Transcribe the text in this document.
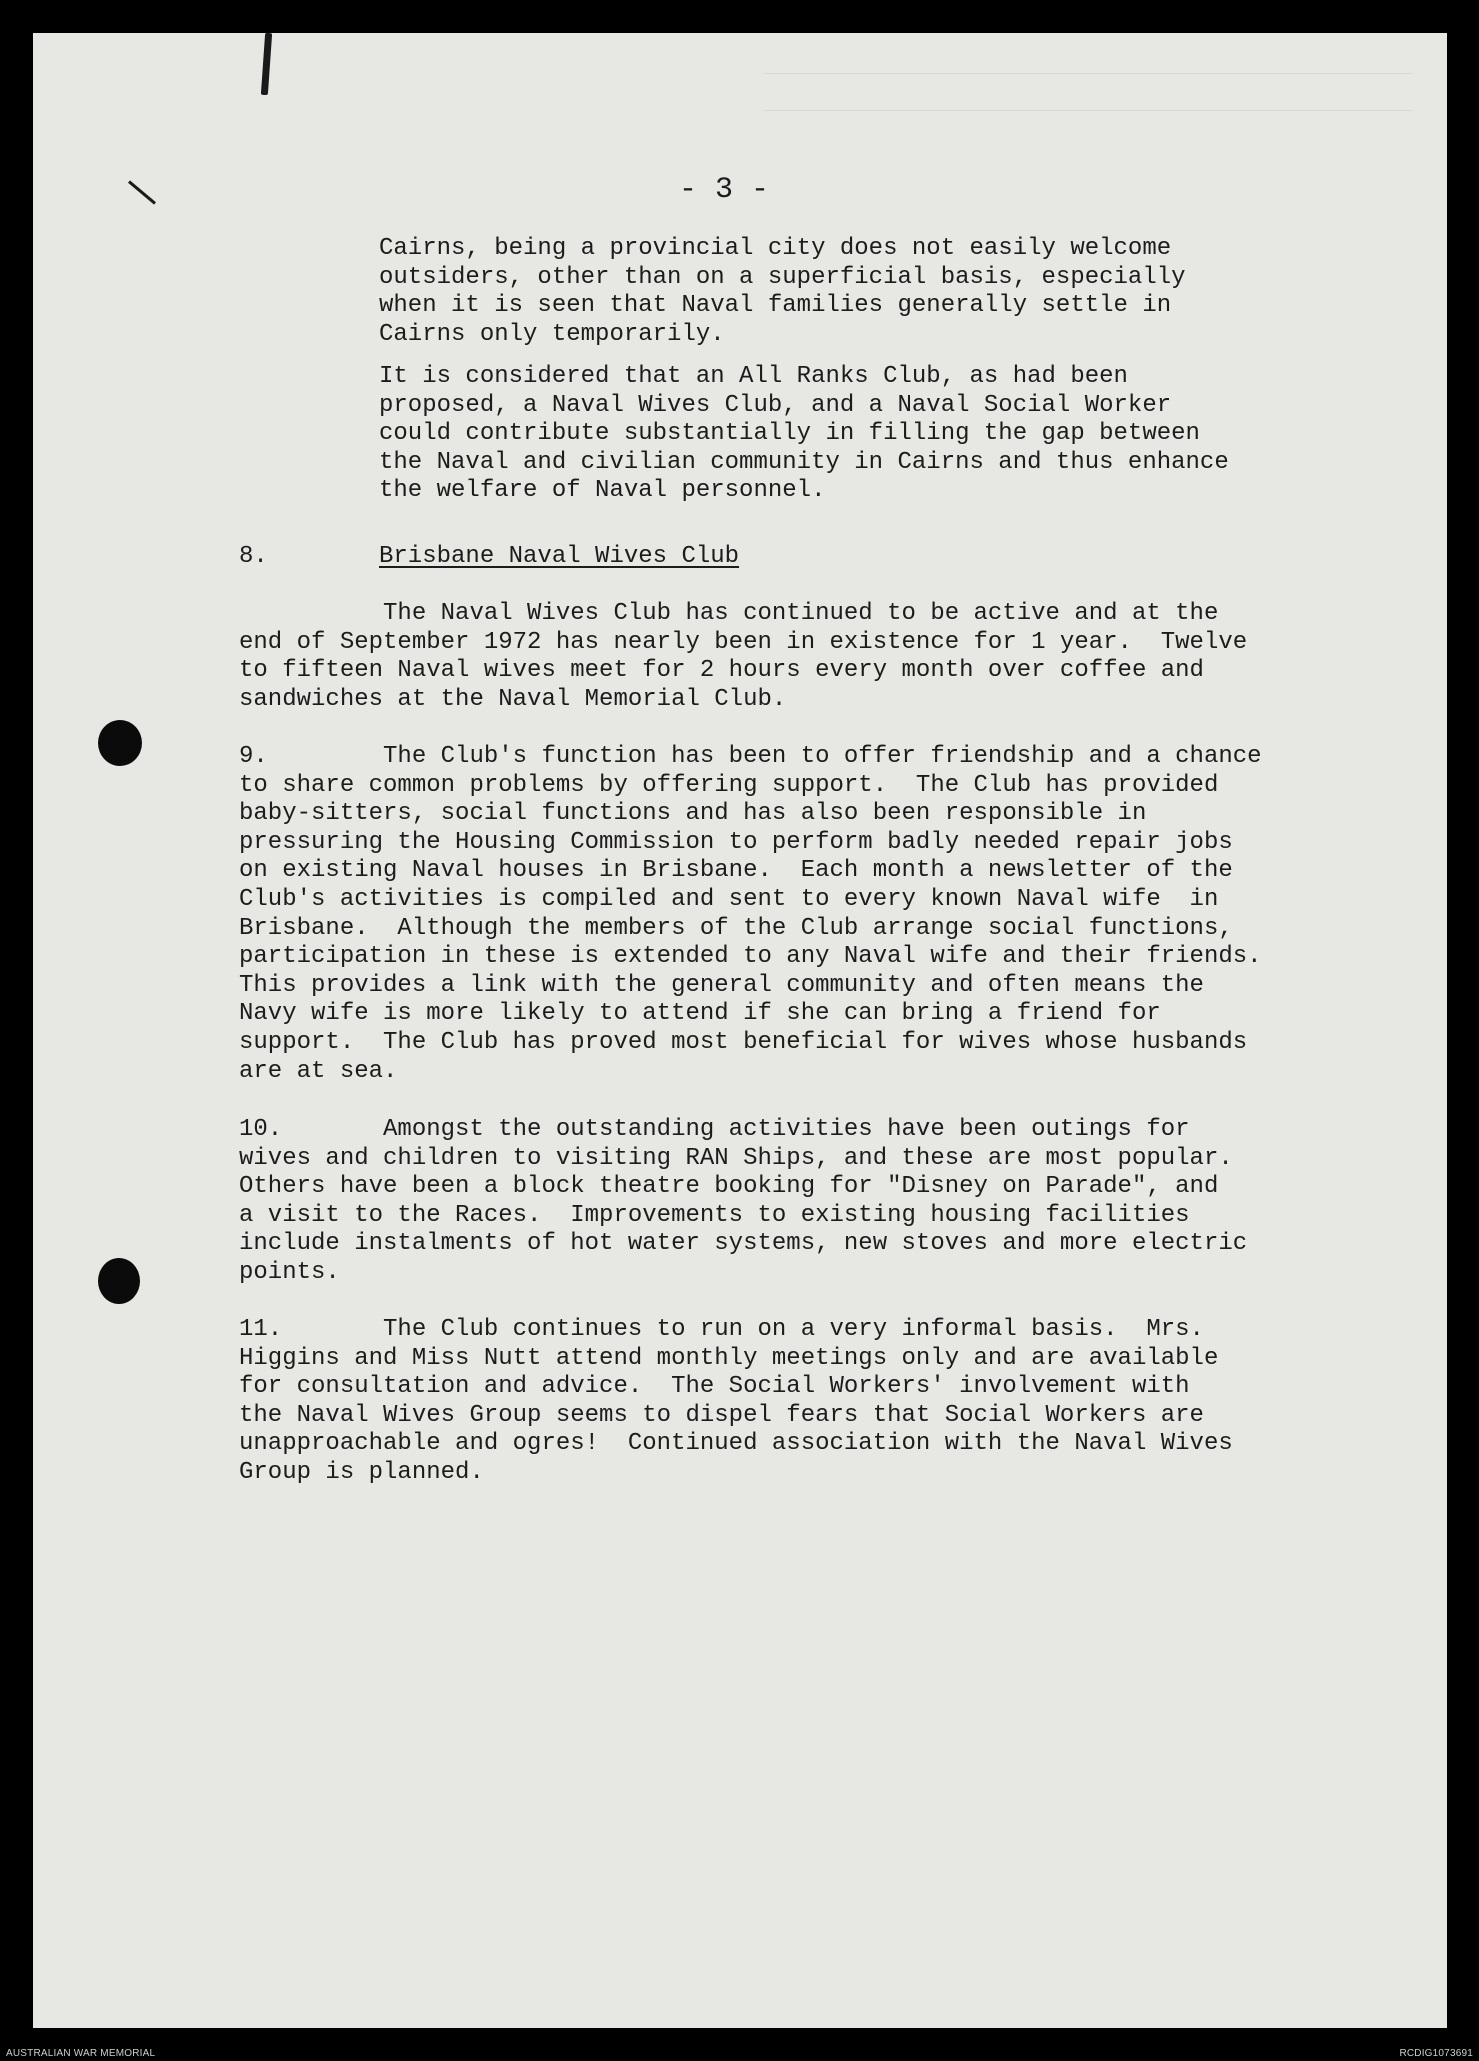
- 3 -

Cairns, being a provincial city does not easily welcome
outsiders, other than on a superficial basis, especially
when it is seen that Naval families generally settle in
Cairns only temporarily.

It is considered that an All Ranks Club, as had been
proposed, a Naval Wives Club, and a Naval Social Worker
could contribute substantially in filling the gap between
the Naval and civilian community in Cairns and thus enhance
the welfare of Naval personnel.

8.	Brisbane Naval Wives Club

The Naval Wives Club has continued to be active and at the
end of September 1972 has nearly been in existence for 1 year.  Twelve
to fifteen Naval wives meet for 2 hours every month over coffee and
sandwiches at the Naval Memorial Club.

9.        The Club's function has been to offer friendship and a chance
to share common problems by offering support.  The Club has provided
baby-sitters, social functions and has also been responsible in
pressuring the Housing Commission to perform badly needed repair jobs
on existing Naval houses in Brisbane.  Each month a newsletter of the
Club's activities is compiled and sent to every known Naval wife  in
Brisbane.  Although the members of the Club arrange social functions,
participation in these is extended to any Naval wife and their friends.
This provides a link with the general community and often means the
Navy wife is more likely to attend if she can bring a friend for
support.  The Club has proved most beneficial for wives whose husbands
are at sea.

10.       Amongst the outstanding activities have been outings for
wives and children to visiting RAN Ships, and these are most popular.
Others have been a block theatre booking for "Disney on Parade", and
a visit to the Races.  Improvements to existing housing facilities
include instalments of hot water systems, new stoves and more electric
points.

11.       The Club continues to run on a very informal basis.  Mrs.
Higgins and Miss Nutt attend monthly meetings only and are available
for consultation and advice.  The Social Workers' involvement with
the Naval Wives Group seems to dispel fears that Social Workers are
unapproachable and ogres!  Continued association with the Naval Wives
Group is planned.

AUSTRALIAN WAR MEMORIAL	RCDIG1073691
